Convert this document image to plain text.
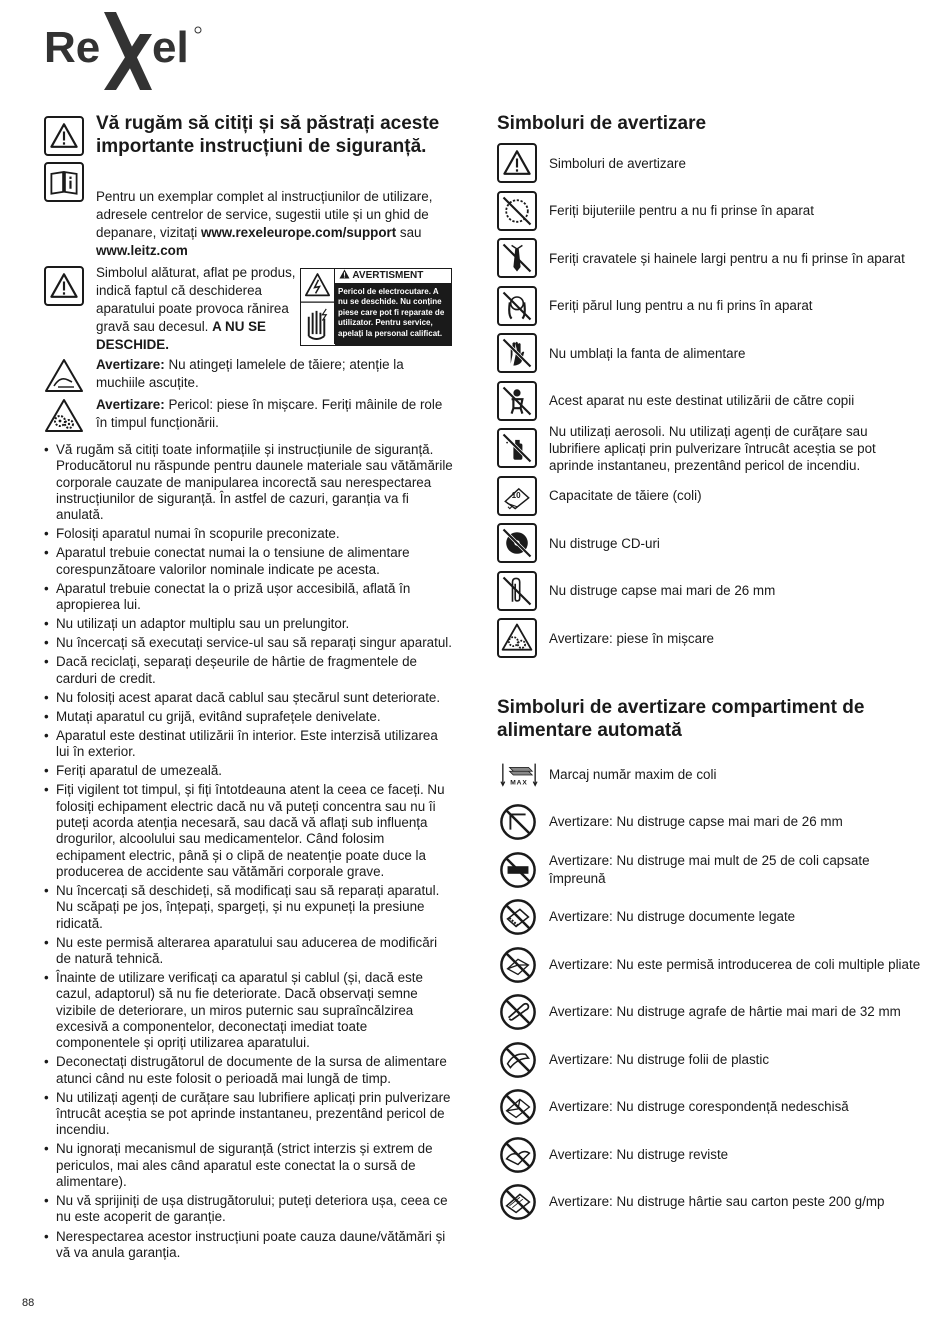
Re el
Vă rugăm să citiți și să păstrați aceste importante instrucțiuni de siguranță.

Pentru un exemplar complet al instrucțiunilor de utilizare, adresele centrelor de service, sugestii utile și un ghid de depanare, vizitați www.rexeleurope.com/support sau www.leitz.com

Simbolul alăturat, aflat pe produs, indică faptul că deschiderea aparatului poate provoca rănirea gravă sau decesul. A NU SE DESCHIDE.

AVERTISMENT
Pericol de electrocutare. A nu se deschide. Nu conține piese care pot fi reparate de utilizator. Pentru service, apelați la personal calificat.

Avertizare: Nu atingeți lamelele de tăiere; atenție la muchiile ascuțite.

Avertizare: Pericol: piese în mișcare. Feriți mâinile de role în timpul funcționării.

• Vă rugăm să citiți toate informațiile și instrucțiunile de siguranță. Producătorul nu răspunde pentru daunele materiale sau vătămările corporale cauzate de manipularea incorectă sau nerespectarea instrucțiunilor de siguranță. În astfel de cazuri, garanția va fi anulată.
• Folosiți aparatul numai în scopurile preconizate.
• Aparatul trebuie conectat numai la o tensiune de alimentare corespunzătoare valorilor nominale indicate pe acesta.
• Aparatul trebuie conectat la o priză ușor accesibilă, aflată în apropierea lui.
• Nu utilizați un adaptor multiplu sau un prelungitor.
• Nu încercați să executați service-ul sau să reparați singur aparatul.
• Dacă reciclați, separați deșeurile de hârtie de fragmentele de carduri de credit.
• Nu folosiți acest aparat dacă cablul sau ștecărul sunt deteriorate.
• Mutați aparatul cu grijă, evitând suprafețele denivelate.
• Aparatul este destinat utilizării în interior. Este interzisă utilizarea lui în exterior.
• Feriți aparatul de umezeală.
• Fiți vigilent tot timpul, și fiți întotdeauna atent la ceea ce faceți. Nu folosiți echipament electric dacă nu vă puteți concentra sau nu îi puteți acorda atenția necesară, sau dacă vă aflați sub influența drogurilor, alcoolului sau medicamentelor. Când folosim echipament electric, până și o clipă de neatenție poate duce la producerea de accidente sau vătămări corporale grave.
• Nu încercați să deschideți, să modificați sau să reparați aparatul. Nu scăpați pe jos, înțepați, spargeți, și nu expuneți la presiune ridicată.
• Nu este permisă alterarea aparatului sau aducerea de modificări de natură tehnică.
• Înainte de utilizare verificați ca aparatul și cablul (și, dacă este cazul, adaptorul) să nu fie deteriorate. Dacă observați semne vizibile de deteriorare, un miros puternic sau supraîncălzirea excesivă a componentelor, deconectați imediat toate componentele și opriți utilizarea aparatului.
• Deconectați distrugătorul de documente de la sursa de alimentare atunci când nu este folosit o perioadă mai lungă de timp.
• Nu utilizați agenți de curățare sau lubrifiere aplicați prin pulverizare întrucât aceștia se pot aprinde instantaneu, prezentând pericol de incendiu.
• Nu ignorați mecanismul de siguranță (strict interzis și extrem de periculos, mai ales când aparatul este conectat la o sursă de alimentare).
• Nu vă sprijiniți de ușa distrugătorului; puteți deteriora ușa, ceea ce nu este acoperit de garanție.
• Nerespectarea acestor instrucțiuni poate cauza daune/vătămări și vă va anula garanția.
Simboluri de avertizare
Simboluri de avertizare
Feriți bijuteriile pentru a nu fi prinse în aparat
Feriți cravatele și hainele largi pentru a nu fi prinse în aparat
Feriți părul lung pentru a nu fi prins în aparat
Nu umblați la fanta de alimentare
Acest aparat nu este destinat utilizării de către copii
Nu utilizați aerosoli. Nu utilizați agenți de curățare sau lubrifiere aplicați prin pulverizare întrucât aceștia se pot aprinde instantaneu, prezentând pericol de incendiu.
10 Capacitate de tăiere (coli)
Nu distruge CD-uri
Nu distruge capse mai mari de 26 mm
Avertizare: piese în mișcare
Simboluri de avertizare compartiment de alimentare automată
MAX
Marcaj număr maxim de coli
Avertizare: Nu distruge capse mai mari de 26 mm
Avertizare: Nu distruge mai mult de 25 de coli capsate împreună
Avertizare: Nu distruge documente legate
Avertizare: Nu este permisă introducerea de coli multiple pliate
Avertizare: Nu distruge agrafe de hârtie mai mari de 32 mm
Avertizare: Nu distruge folii de plastic
Avertizare: Nu distruge corespondență nedeschisă
Avertizare: Nu distruge reviste
Avertizare: Nu distruge hârtie sau carton peste 200 g/mp
88
